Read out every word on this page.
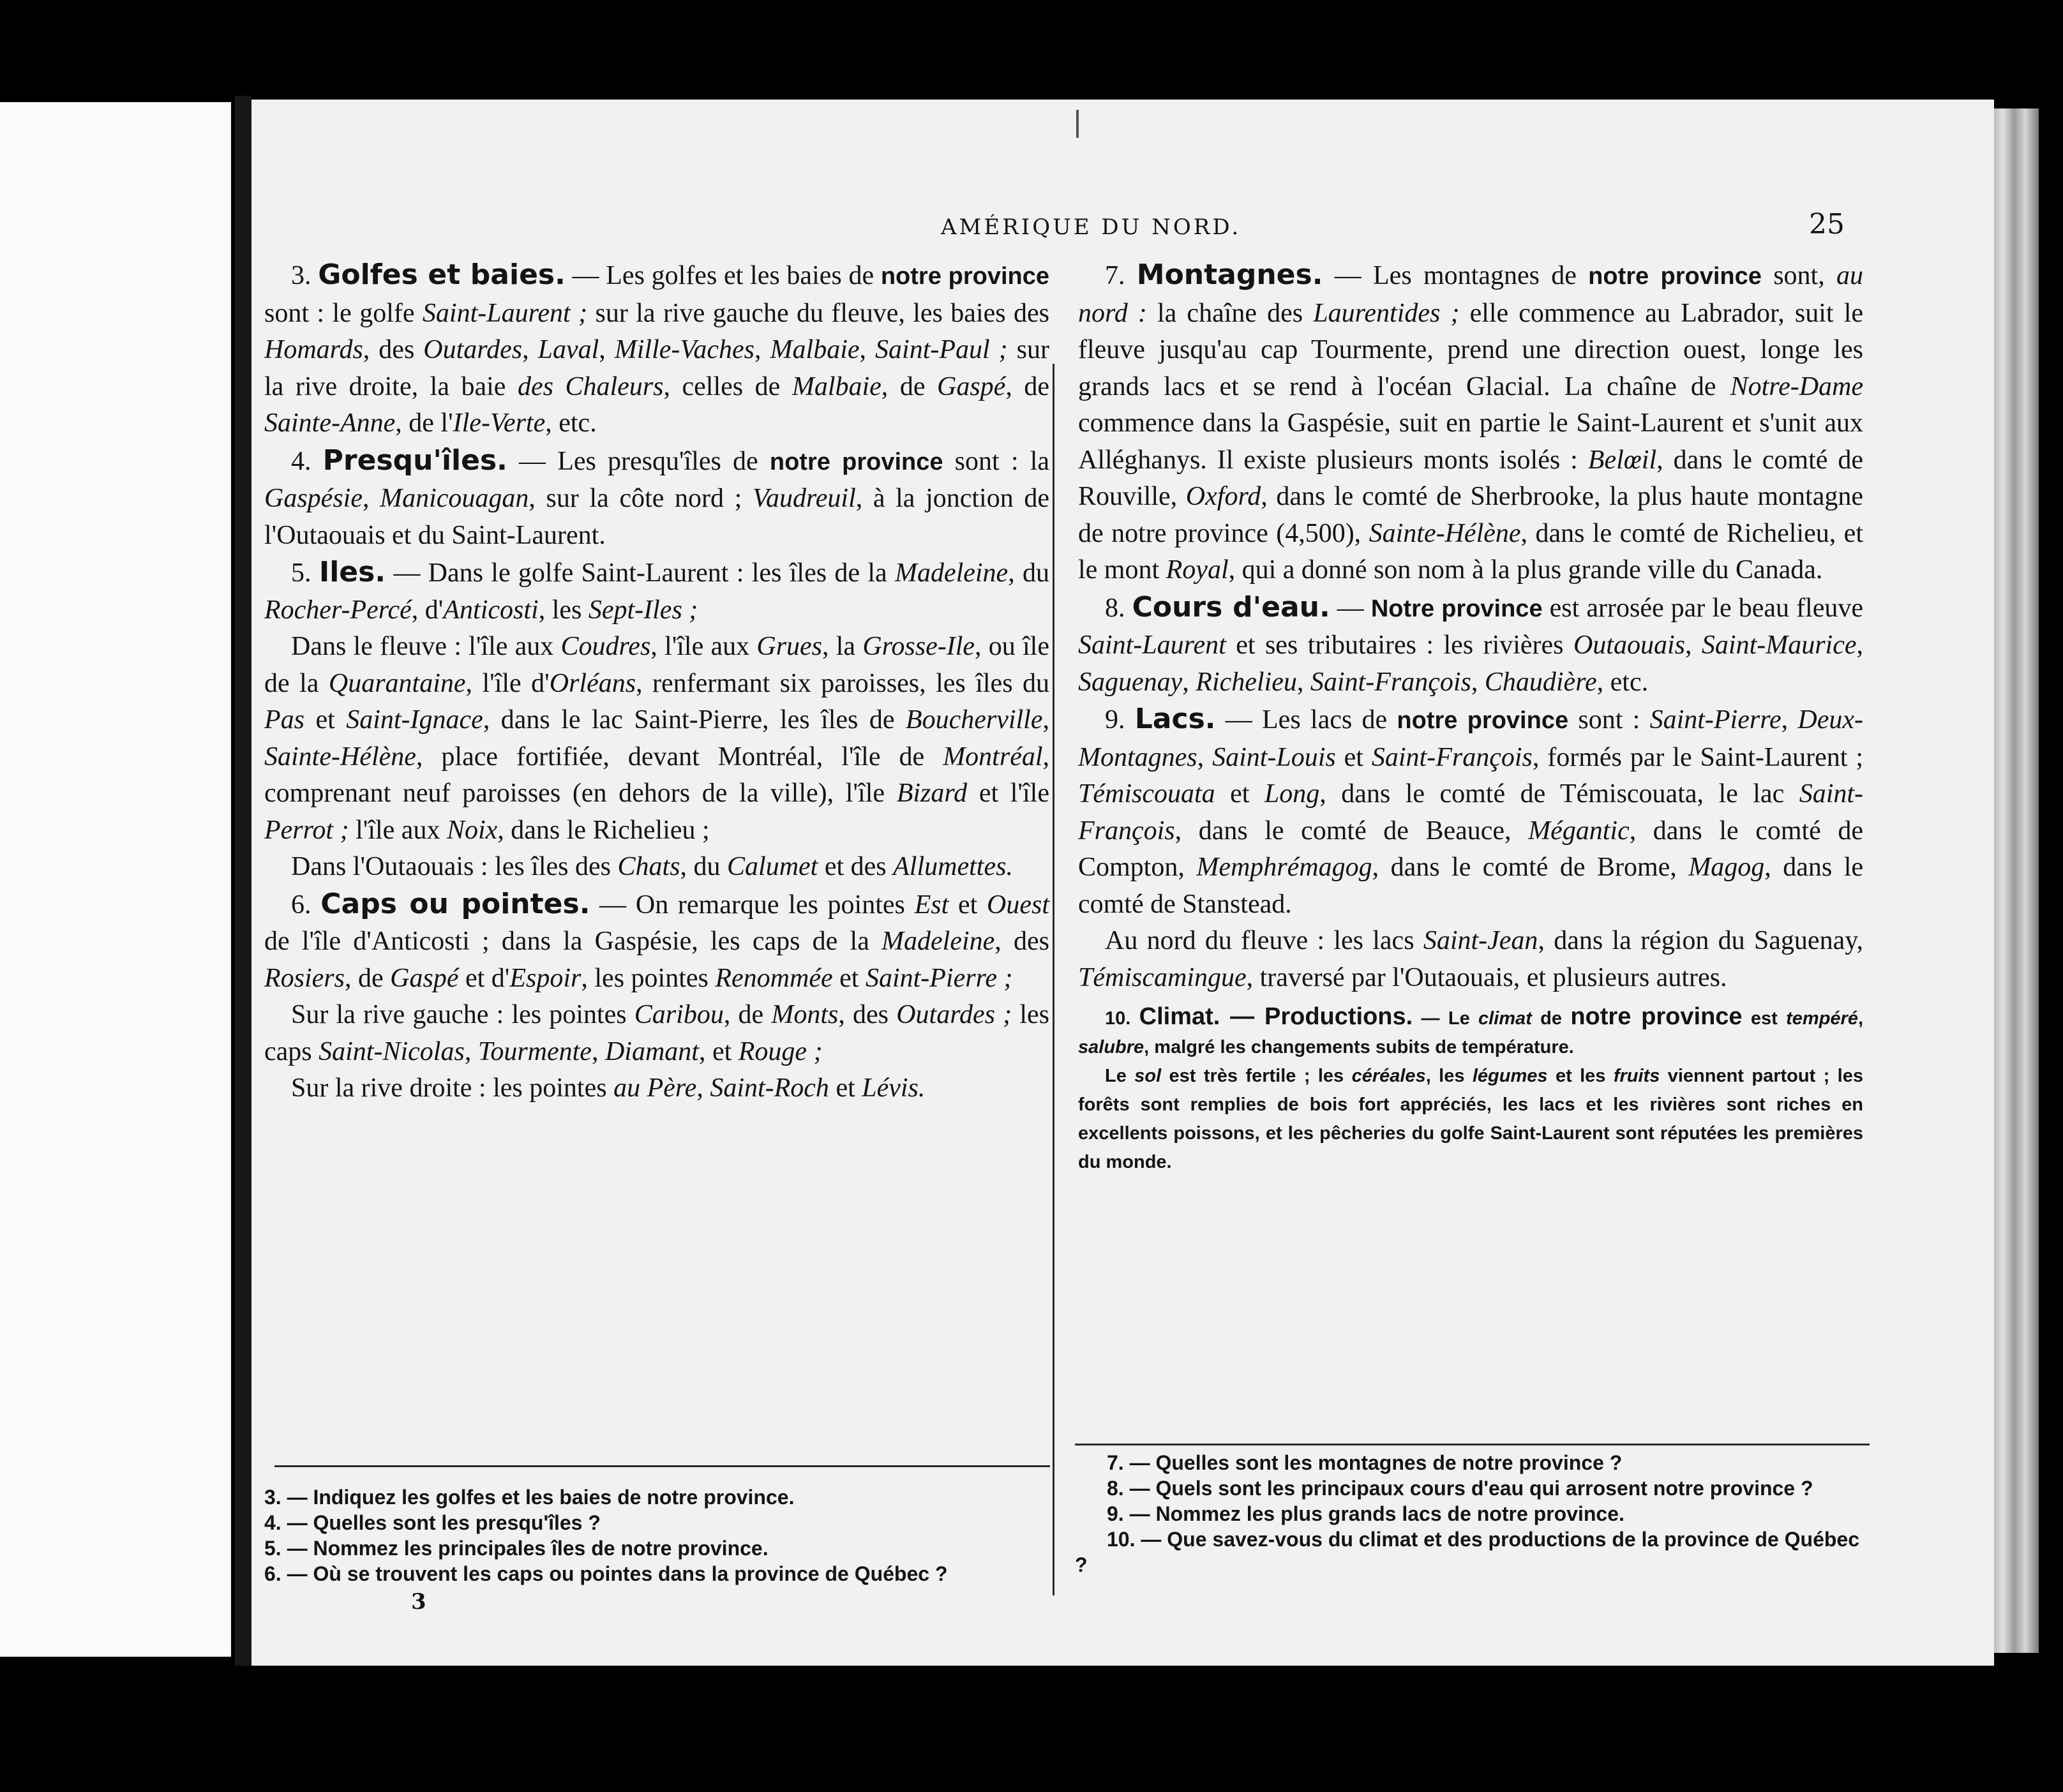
AMÉRIQUE DU NORD.	25

3. Golfes et baies. — Les golfes et les baies de notre province sont : le golfe Saint-Laurent ; sur la rive gauche du fleuve, les baies des Homards, des Outardes, Laval, Mille-Vaches, Malbaie, Saint-Paul ; sur la rive droite, la baie des Chaleurs, celles de Malbaie, de Gaspé, de Sainte-Anne, de l'Ile-Verte, etc.

4. Presqu'îles. — Les presqu'îles de notre province sont : la Gaspésie, Manicouagan, sur la côte nord ; Vaudreuil, à la jonction de l'Outaouais et du Saint-Laurent.

5. Iles. — Dans le golfe Saint-Laurent : les îles de la Madeleine, du Rocher-Percé, d'Anticosti, les Sept-Iles ;

Dans le fleuve : l'île aux Coudres, l'île aux Grues, la Grosse-Ile, ou île de la Quarantaine, l'île d'Orléans, renfermant six paroisses, les îles du Pas et Saint-Ignace, dans le lac Saint-Pierre, les îles de Boucherville, Sainte-Hélène, place fortifiée, devant Montréal, l'île de Montréal, comprenant neuf paroisses (en dehors de la ville), l'île Bizard et l'île Perrot ; l'île aux Noix, dans le Richelieu ;

Dans l'Outaouais : les îles des Chats, du Calumet et des Allumettes.

6. Caps ou pointes. — On remarque les pointes Est et Ouest de l'île d'Anticosti ; dans la Gaspésie, les caps de la Madeleine, des Rosiers, de Gaspé et d'Espoir, les pointes Renommée et Saint-Pierre ;

Sur la rive gauche : les pointes Caribou, de Monts, des Outardes ; les caps Saint-Nicolas, Tourmente, Diamant, et Rouge ;

Sur la rive droite : les pointes au Père, Saint-Roch et Lévis.

7. Montagnes. — Les montagnes de notre province sont, au nord : la chaîne des Laurentides ; elle commence au Labrador, suit le fleuve jusqu'au cap Tourmente, prend une direction ouest, longe les grands lacs et se rend à l'océan Glacial. La chaîne de Notre-Dame commence dans la Gaspésie, suit en partie le Saint-Laurent et s'unit aux Alléghanys. Il existe plusieurs monts isolés : Belœil, dans le comté de Rouville, Oxford, dans le comté de Sherbrooke, la plus haute montagne de notre province (4,500), Sainte-Hélène, dans le comté de Richelieu, et le mont Royal, qui a donné son nom à la plus grande ville du Canada.

8. Cours d'eau. — Notre province est arrosée par le beau fleuve Saint-Laurent et ses tributaires : les rivières Outaouais, Saint-Maurice, Saguenay, Richelieu, Saint-François, Chaudière, etc.

9. Lacs. — Les lacs de notre province sont : Saint-Pierre, Deux-Montagnes, Saint-Louis et Saint-François, formés par le Saint-Laurent ; Témiscouata et Long, dans le comté de Témiscouata, le lac Saint-François, dans le comté de Beauce, Mégantic, dans le comté de Compton, Memphrémagog, dans le comté de Brome, Magog, dans le comté de Stanstead.

Au nord du fleuve : les lacs Saint-Jean, dans la région du Saguenay, Témiscamingue, traversé par l'Outaouais, et plusieurs autres.

10. Climat. — Productions. — Le climat de notre province est tempéré, salubre, malgré les changements subits de température.

Le sol est très fertile ; les céréales, les légumes et les fruits viennent partout ; les forêts sont remplies de bois fort appréciés, les lacs et les rivières sont riches en excellents poissons, et les pêcheries du golfe Saint-Laurent sont réputées les premières du monde.

3. — Indiquez les golfes et les baies de notre province.

4. — Quelles sont les presqu'îles ?

5. — Nommez les principales îles de notre province.

6. — Où se trouvent les caps ou pointes dans la province de Québec ?

7. — Quelles sont les montagnes de notre province ?

8. — Quels sont les principaux cours d'eau qui arrosent notre province ?

9. — Nommez les plus grands lacs de notre province.

10. — Que savez-vous du climat et des productions de la province de Québec ?

3
